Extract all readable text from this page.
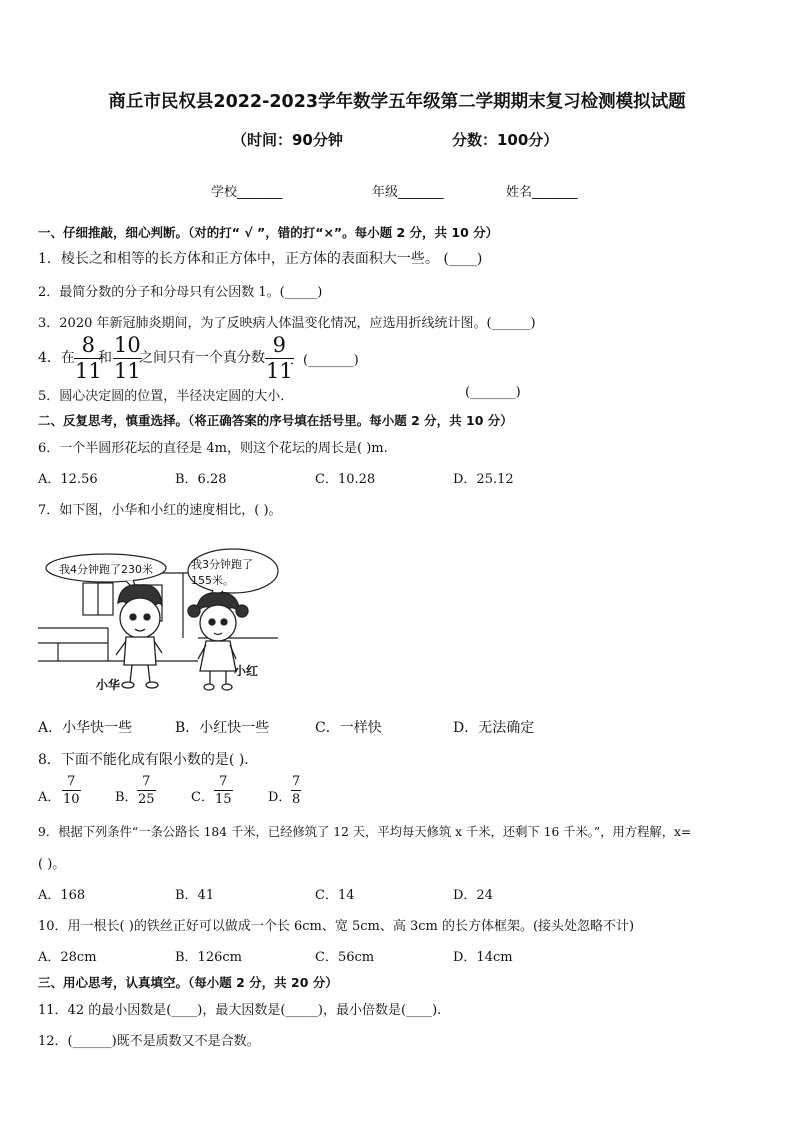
商丘市民权县2022-2023学年数学五年级第二学期期末复习检测模拟试题
（时间：90分钟	分数：100分）
学校_______	年级_______	姓名_______
一、仔细推敲，细心判断。（对的打“ √ ”，错的打“×”。每小题 2 分，共 10 分）
1．棱长之和相等的长方体和正方体中，正方体的表面积大一些。 (____)
2．最简分数的分子和分母只有公因数 1。(_____)
3．2020 年新冠肺炎期间，为了反映病人体温变化情况，应选用折线统计图。(______)
4．在
8
11
和
10
11
之间只有一个真分数
9
11
．(_______)
5．圆心决定圆的位置，半径决定圆的大小．	(_______)
二、反复思考，慎重选择。（将正确答案的序号填在括号里。每小题 2 分，共 10 分）
6．一个半圆形花坛的直径是 4m，则这个花坛的周长是( )m.
A．12.56	B．6.28	C．10.28	D．25.12
7．如下图，小华和小红的速度相比，( )。
我4分钟跑了230米	我3分钟跑了
155米。
小华
小红
A．小华快一些	B．小红快一些	C．一样快	D．无法确定
8．下面不能化成有限小数的是( ).
A．
7
10	B．
7
25	C．
7
15	D．
7
8
9．根据下列条件“一条公路长 184 千米，已经修筑了 12 天，平均每天修筑 x 千米，还剩下 16 千米。”，用方程解，x=
( )。
A．168	B．41	C．14	D．24
10．用一根长( )的铁丝正好可以做成一个长 6cm、宽 5cm、高 3cm 的长方体框架。(接头处忽略不计)
A．28cm	B．126cm	C．56cm	D．14cm
三、用心思考，认真填空。（每小题 2 分，共 20 分）
11．42 的最小因数是(____)，最大因数是(_____)，最小倍数是(____).
12．(______)既不是质数又不是合数。
